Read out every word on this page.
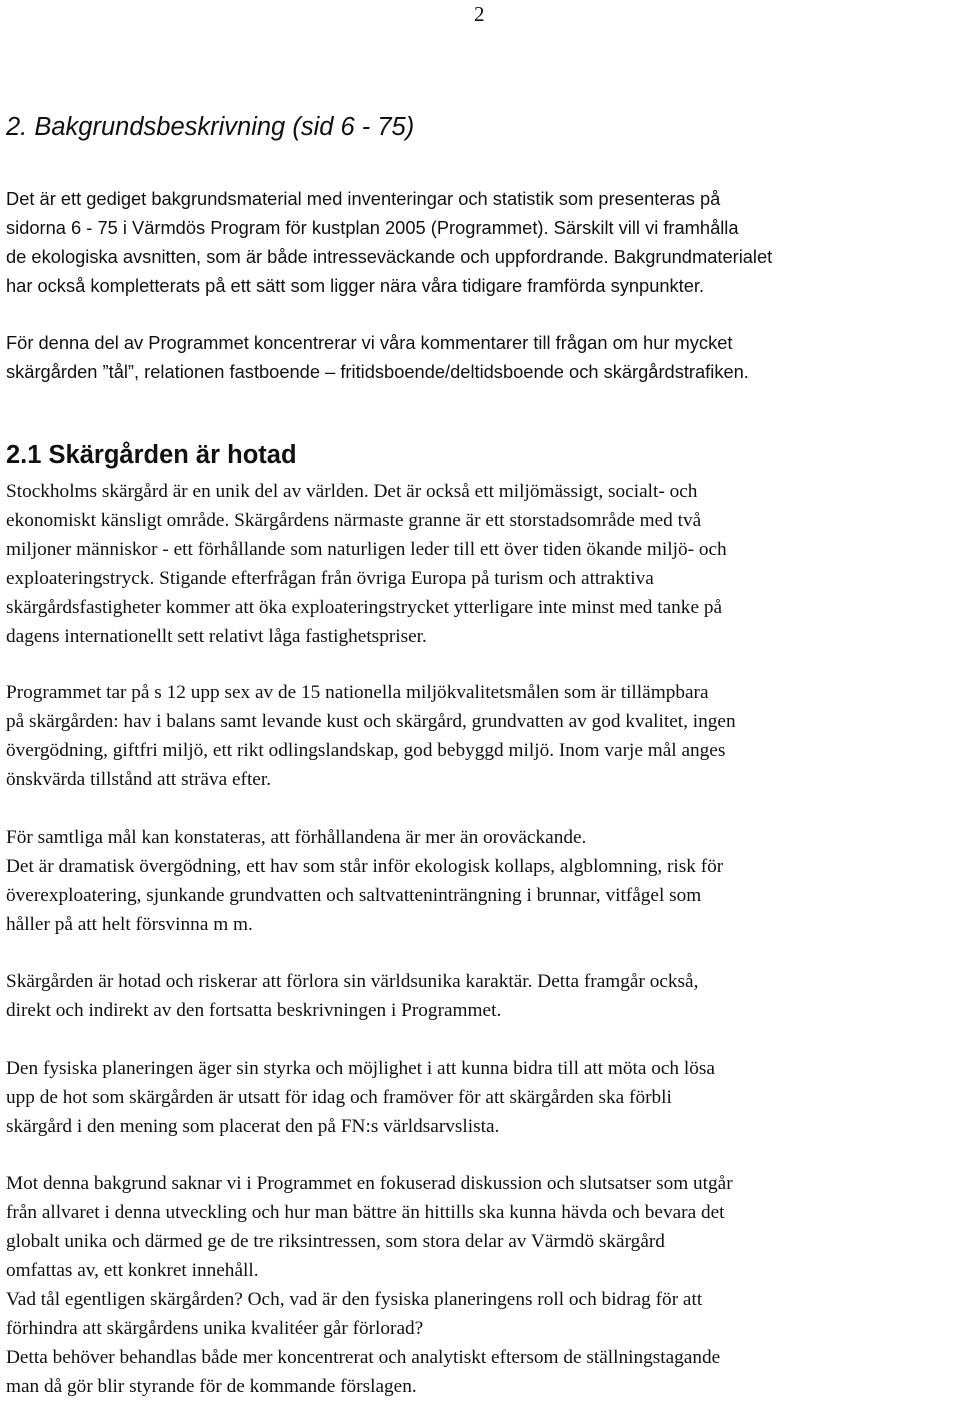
2
2. Bakgrundsbeskrivning (sid 6 - 75)
Det är ett gediget bakgrundsmaterial med inventeringar och statistik som presenteras på
sidorna 6 - 75 i Värmdös Program för kustplan 2005 (Programmet). Särskilt vill vi framhålla
de ekologiska avsnitten, som är både intresseväckande och uppfordrande. Bakgrundmaterialet
har också kompletterats på ett sätt som ligger nära våra tidigare framförda synpunkter.
För denna del av Programmet koncentrerar vi våra kommentarer till frågan om hur mycket
skärgården ”tål”, relationen fastboende – fritidsboende/deltidsboende och skärgårdstrafiken.
2.1 Skärgården är hotad
Stockholms skärgård är en unik del av världen. Det är också ett miljömässigt, socialt- och
ekonomiskt känsligt område. Skärgårdens närmaste granne är ett storstadsområde med två
miljoner människor - ett förhållande som naturligen leder till ett över tiden ökande miljö- och
exploateringstryck. Stigande efterfrågan från övriga Europa på turism och attraktiva
skärgårdsfastigheter kommer att öka exploateringstrycket ytterligare inte minst med tanke på
dagens internationellt sett relativt låga fastighetspriser.
Programmet tar på s 12 upp sex av de 15 nationella miljökvalitetsmålen som är tillämpbara
på skärgården: hav i balans samt levande kust och skärgård, grundvatten av god kvalitet, ingen
övergödning, giftfri miljö, ett rikt odlingslandskap, god bebyggd miljö. Inom varje mål anges
önskvärda tillstånd att sträva efter.
För samtliga mål kan konstateras, att förhållandena är mer än oroväckande.
Det är dramatisk övergödning, ett hav som står inför ekologisk kollaps, algblomning, risk för
överexploatering, sjunkande grundvatten och saltvatteninträngning i brunnar, vitfågel som
håller på att helt försvinna m m.
Skärgården är hotad och riskerar att förlora sin världsunika karaktär. Detta framgår också,
direkt och indirekt av den fortsatta beskrivningen i Programmet.
Den fysiska planeringen äger sin styrka och möjlighet i att kunna bidra till att möta och lösa
upp de hot som skärgården är utsatt för idag och framöver för att skärgården ska förbli
skärgård i den mening som placerat den på FN:s världsarvslista.
Mot denna bakgrund saknar vi i Programmet en fokuserad diskussion och slutsatser som utgår
från allvaret i denna utveckling och hur man bättre än hittills ska kunna hävda och bevara det
globalt unika och därmed ge de tre riksintressen, som stora delar av Värmdö skärgård
omfattas av, ett konkret innehåll.
Vad tål egentligen skärgården? Och, vad är den fysiska planeringens roll och bidrag för att
förhindra att skärgårdens unika kvalitéer går förlorad?
Detta behöver behandlas både mer koncentrerat och analytiskt eftersom de ställningstagande
man då gör blir styrande för de kommande förslagen.
